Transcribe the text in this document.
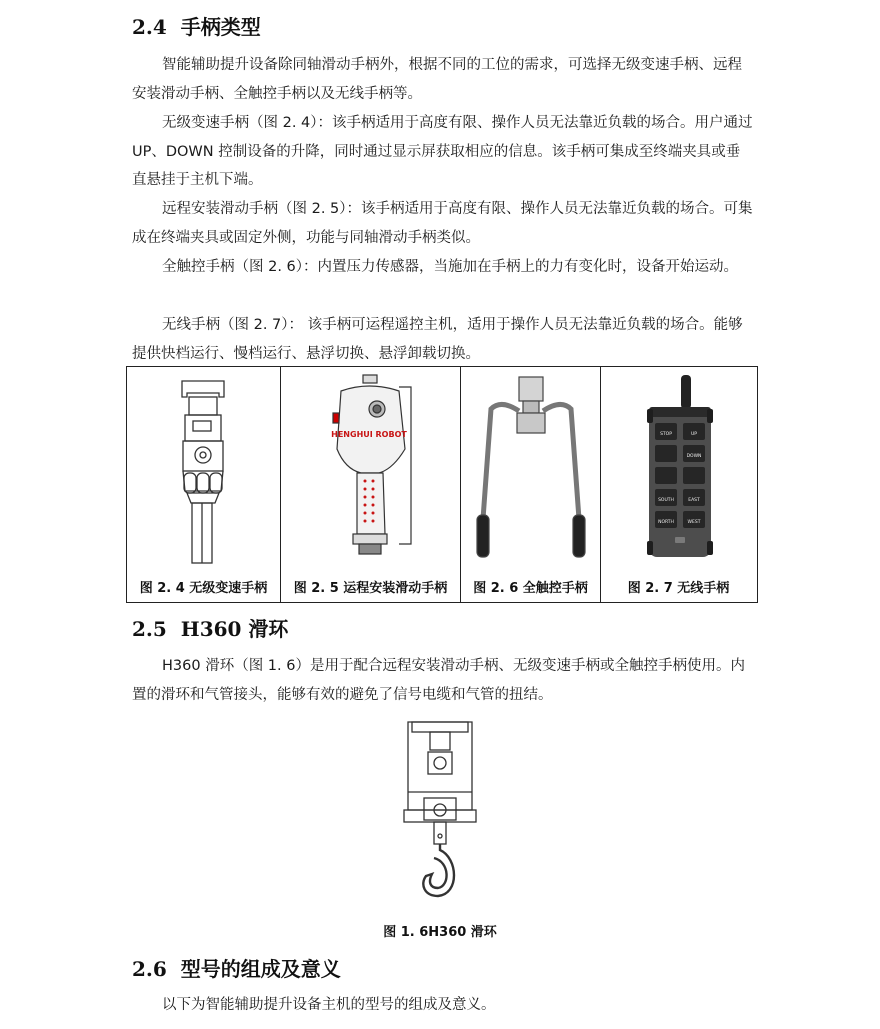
2.4 手柄类型

智能辅助提升设备除同轴滑动手柄外，根据不同的工位的需求，可选择无级变速手柄、远程安装滑动手柄、全触控手柄以及无线手柄等。

无级变速手柄（图 2. 4）：该手柄适用于高度有限、操作人员无法靠近负载的场合。用户通过 UP、DOWN 控制设备的升降，同时通过显示屏获取相应的信息。该手柄可集成至终端夹具或垂直悬挂于主机下端。

远程安装滑动手柄（图 2. 5）：该手柄适用于高度有限、操作人员无法靠近负载的场合。可集成在终端夹具或固定外侧，功能与同轴滑动手柄类似。

全触控手柄（图 2. 6）：内置压力传感器，当施加在手柄上的力有变化时，设备开始运动。

无线手柄（图 2. 7）： 该手柄可运程遥控主机，适用于操作人员无法靠近负载的场合。能够提供快档运行、慢档运行、悬浮切换、悬浮卸载切换。

图 2. 4 无级变速手柄
HENGHUI ROBOT
图 2. 5 运程安装滑动手柄	图 2. 6 全触控手柄
STOP	UP
DOWN
SOUTH	EAST
NORTH	WEST
图 2. 7 无线手柄
2.5 H360 滑环

H360 滑环（图 1. 6）是用于配合远程安装滑动手柄、无级变速手柄或全触控手柄使用。内置的滑环和气管接头，能够有效的避免了信号电缆和气管的扭结。

图 1. 6H360 滑环
2.6 型号的组成及意义

以下为智能辅助提升设备主机的型号的组成及意义。
